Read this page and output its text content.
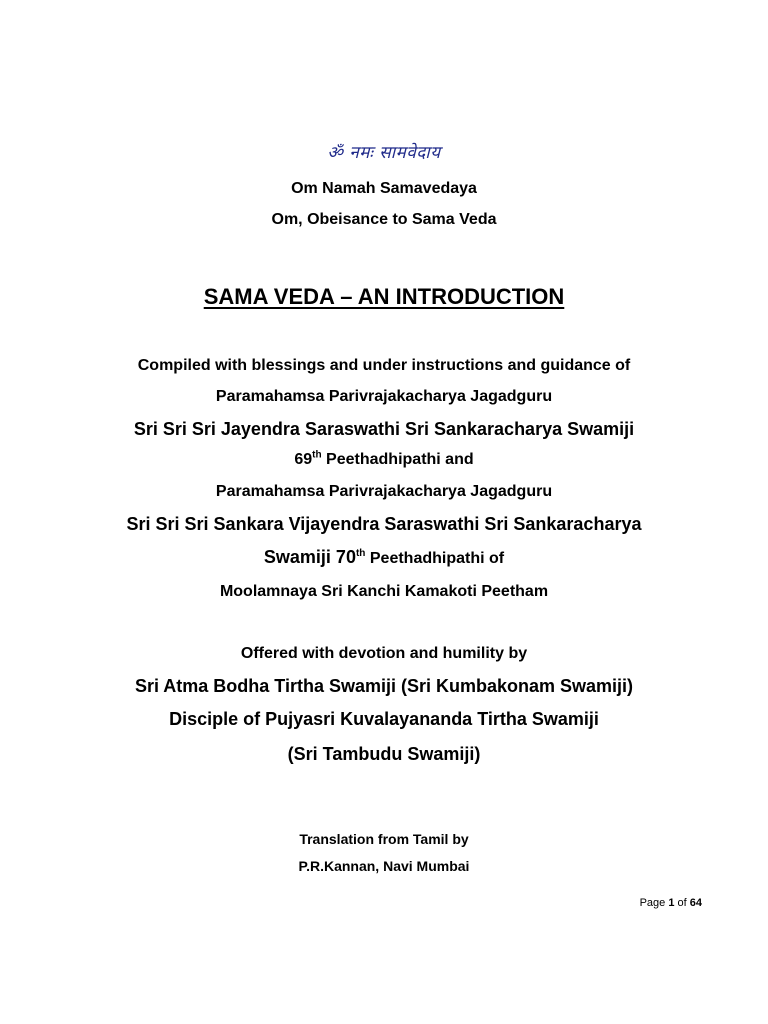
ॐ नमः सामवेदाय
Om Namah Samavedaya
Om, Obeisance to Sama Veda
SAMA VEDA – AN INTRODUCTION
Compiled with blessings and under instructions and guidance of
Paramahamsa Parivrajakacharya Jagadguru
Sri Sri Sri Jayendra Saraswathi Sri Sankaracharya Swamiji
69th Peethadhipathi and
Paramahamsa Parivrajakacharya Jagadguru
Sri Sri Sri Sankara Vijayendra Saraswathi Sri Sankaracharya
Swamiji 70th Peethadhipathi of
Moolamnaya Sri Kanchi Kamakoti Peetham
Offered with devotion and humility by
Sri Atma Bodha Tirtha Swamiji (Sri Kumbakonam Swamiji)
Disciple of Pujyasri Kuvalayananda Tirtha Swamiji
(Sri Tambudu Swamiji)
Translation from Tamil by
P.R.Kannan, Navi Mumbai
Page 1 of 64
